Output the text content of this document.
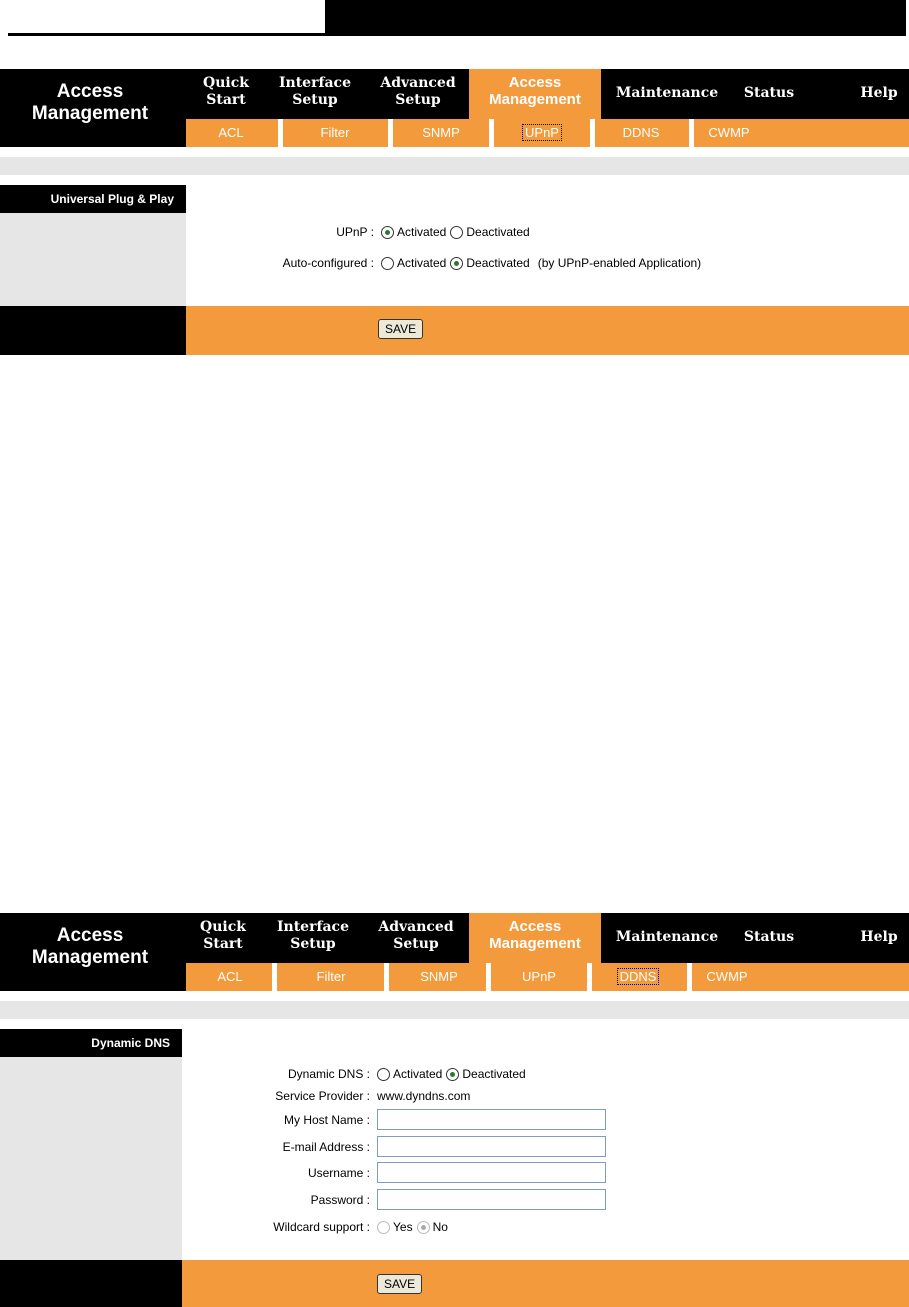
Access
Management
Quick
Start
Interface
Setup
Advanced
Setup
Access
Management	Maintenance	Status	Help
ACL	Filter	SNMP	UPnP	DDNS	CWMP
Universal Plug & Play
UPnP : Activated Deactivated
Auto-configured : Activated Deactivated (by UPnP-enabled Application)
SAVE
Access
Management
Quick
Start
Interface
Setup
Advanced
Setup
Access
Management	Maintenance	Status	Help
ACL	Filter	SNMP	UPnP	DDNS	CWMP
Dynamic DNS
Dynamic DNS : Activated Deactivated
Service Provider : www.dyndns.com
My Host Name :
E-mail Address :
Username :
Password :
Wildcard support : Yes No
SAVE
